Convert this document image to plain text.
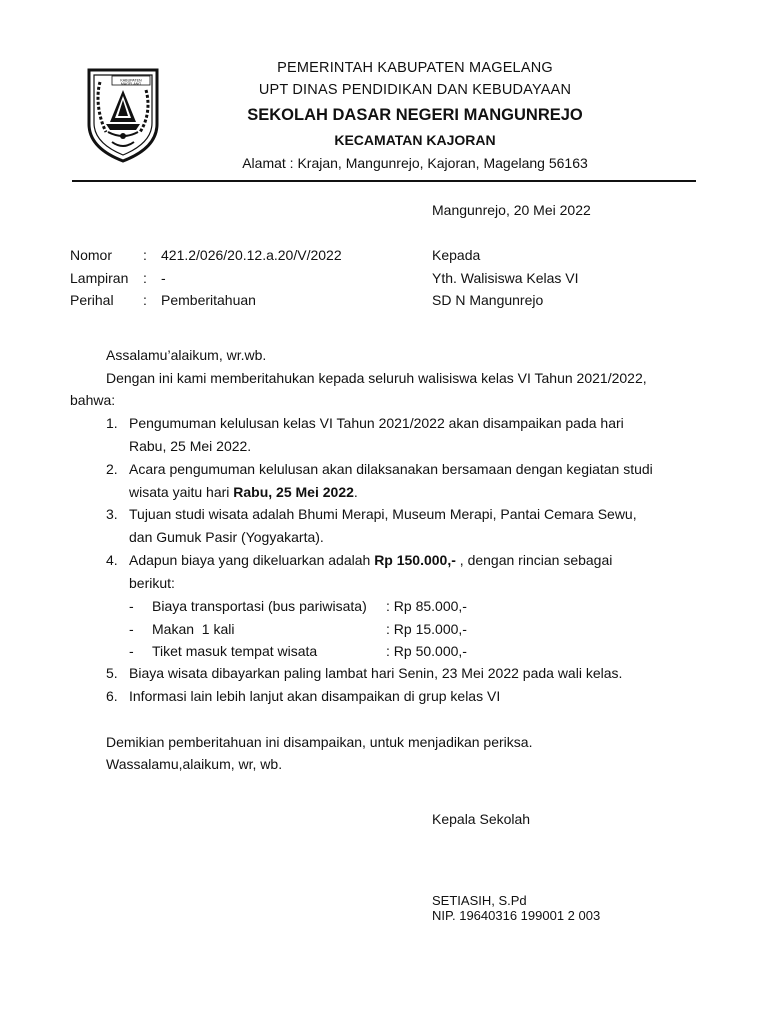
KABUPATEN
MAGELANG
PEMERINTAH KABUPATEN MAGELANG
UPT DINAS PENDIDIKAN DAN KEBUDAYAAN
SEKOLAH DASAR NEGERI MANGUNREJO
KECAMATAN KAJORAN
Alamat : Krajan, Mangunrejo, Kajoran, Magelang 56163
Mangunrejo, 20 Mei 2022
Nomor : 421.2/026/20.12.a.20/V/2022
Lampiran : -
Perihal : Pemberitahuan
Kepada
Yth. Walisiswa Kelas VI
SD N Mangunrejo
Assalamu’alaikum, wr.wb.
Dengan ini kami memberitahukan kepada seluruh walisiswa kelas VI Tahun 2021/2022,
bahwa:
1. Pengumuman kelulusan kelas VI Tahun 2021/2022 akan disampaikan pada hari
Rabu, 25 Mei 2022.
2. Acara pengumuman kelulusan akan dilaksanakan bersamaan dengan kegiatan studi
wisata yaitu hari Rabu, 25 Mei 2022.
3. Tujuan studi wisata adalah Bhumi Merapi, Museum Merapi, Pantai Cemara Sewu,
dan Gumuk Pasir (Yogyakarta).
4. Adapun biaya yang dikeluarkan adalah Rp 150.000,- , dengan rincian sebagai
berikut:
- Biaya transportasi (bus pariwisata) : Rp 85.000,-
- Makan  1 kali	: Rp 15.000,-
- Tiket masuk tempat wisata	: Rp 50.000,-
5. Biaya wisata dibayarkan paling lambat hari Senin, 23 Mei 2022 pada wali kelas.
6. Informasi lain lebih lanjut akan disampaikan di grup kelas VI
Demikian pemberitahuan ini disampaikan, untuk menjadikan periksa.
Wassalamu,alaikum, wr, wb.
Kepala Sekolah
SETIASIH, S.Pd
NIP. 19640316 199001 2 003
